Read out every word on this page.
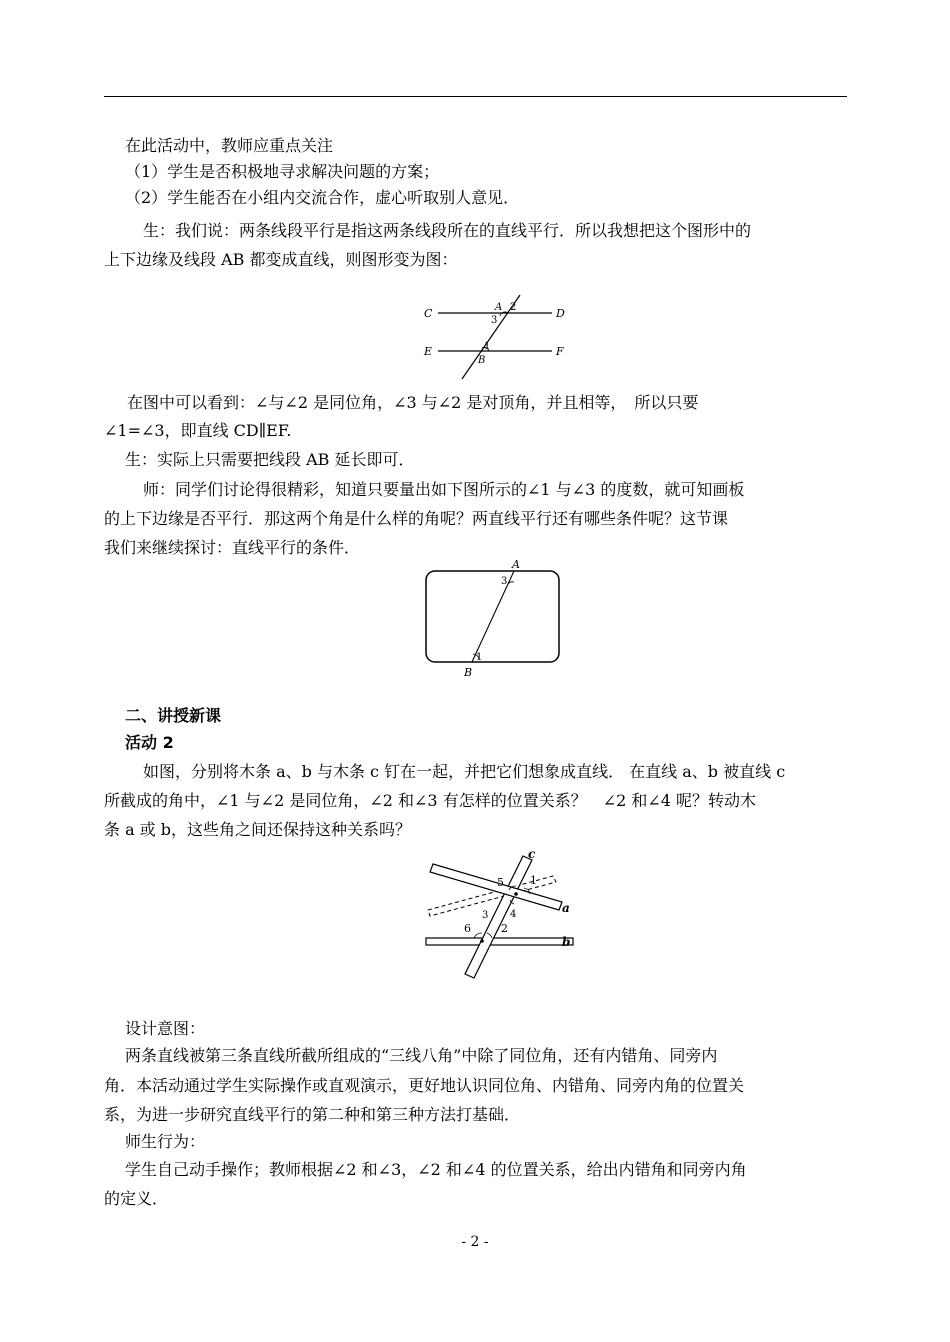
在此活动中，教师应重点关注
（1）学生是否积极地寻求解决问题的方案；
（2）学生能否在小组内交流合作，虚心听取别人意见．
生：我们说：两条线段平行是指这两条线段所在的直线平行．所以我想把这个图形中的
上下边缘及线段 AB 都变成直线，则图形变为图：
C	D
E	F
A 2
3
1
B
在图中可以看到：∠与∠2 是同位角，∠3 与∠2 是对顶角，并且相等，　所以只要
∠1=∠3，即直线 CD∥EF.
生：实际上只需要把线段 AB 延长即可．
师：同学们讨论得很精彩，知道只要量出如下图所示的∠1 与∠3 的度数，就可知画板
的上下边缘是否平行．那这两个角是什么样的角呢？两直线平行还有哪些条件呢？这节课
我们来继续探讨：直线平行的条件．
A
3
1
B
二、讲授新课
活动 2
如图，分别将木条 a、b 与木条 c 钉在一起，并把它们想象成直线． 在直线 a、b 被直线 c
所截成的角中，∠1 与∠2 是同位角，∠2 和∠3 有怎样的位置关系？　∠2 和∠4 呢？转动木
条 a 或 b，这些角之间还保持这种关系吗？
c
a
b
5 1
3 4
6	2
设计意图：
两条直线被第三条直线所截所组成的“三线八角”中除了同位角，还有内错角、同旁内
角．本活动通过学生实际操作或直观演示，更好地认识同位角、内错角、同旁内角的位置关
系，为进一步研究直线平行的第二种和第三种方法打基础．
师生行为：
学生自己动手操作；教师根据∠2 和∠3，∠2 和∠4 的位置关系，给出内错角和同旁内角
的定义．
- 2 -
